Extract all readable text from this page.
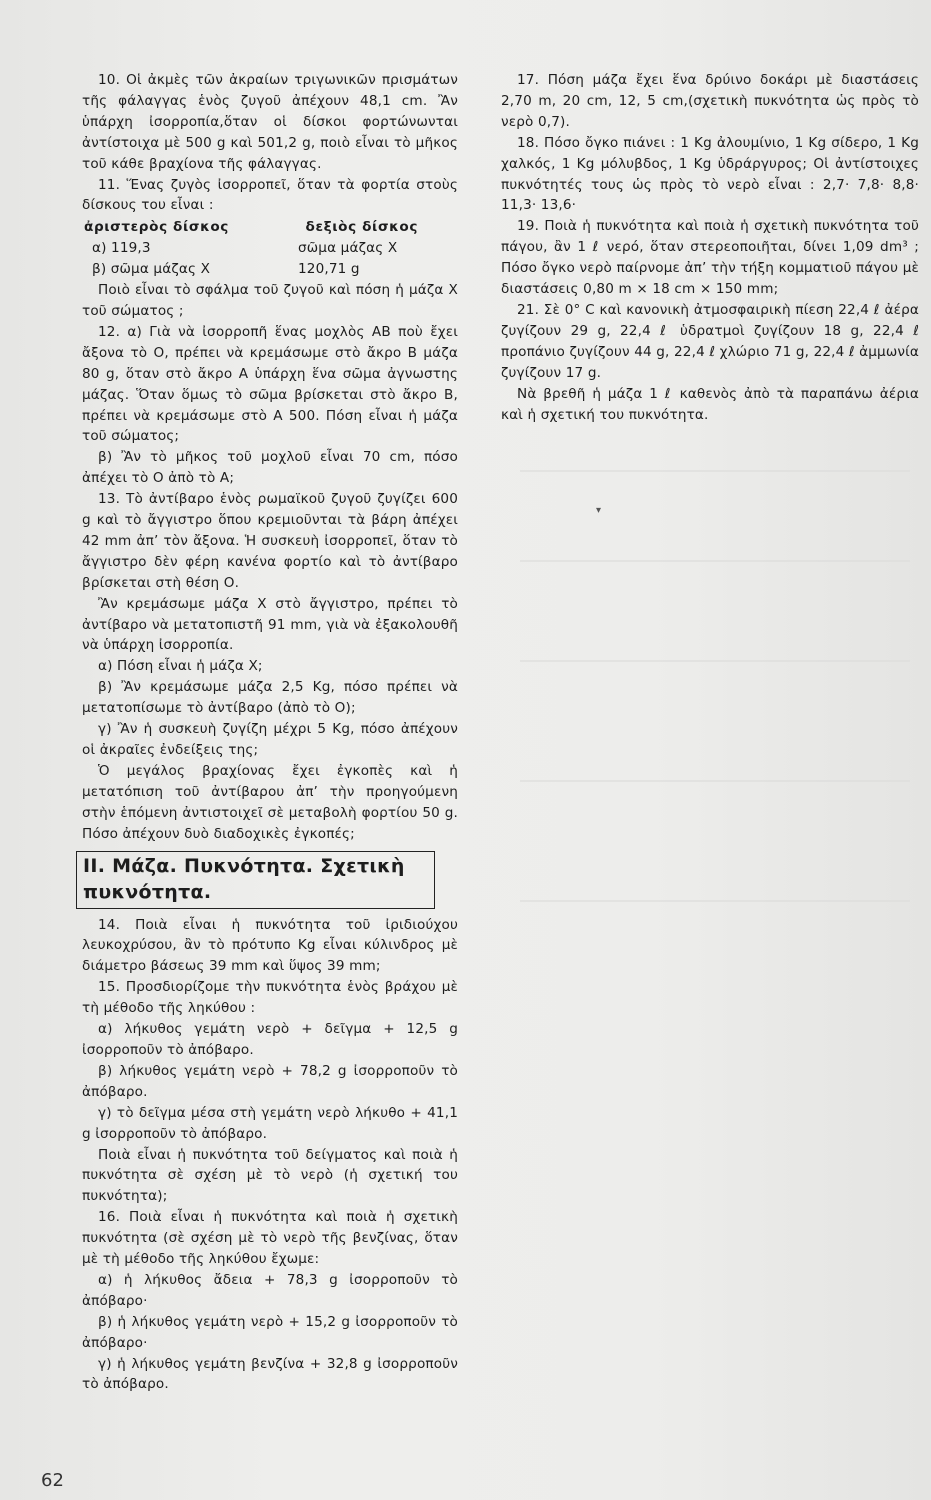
10. Οἱ ἀκμὲς τῶν ἀκραίων τριγωνικῶν πρισμάτων τῆς φάλαγγας ἑνὸς ζυγοῦ ἀπέχουν 48,1 cm. Ἂν ὑπάρχη ἰσορροπία,ὅταν οἱ δίσκοι φορτώνωνται ἀντίστοιχα μὲ 500 g καὶ 501,2 g, ποιὸ εἶναι τὸ μῆκος τοῦ κάθε βραχίονα τῆς φάλαγγας.

11. Ἕνας ζυγὸς ἰσορροπεῖ, ὅταν τὰ φορτία στοὺς δίσκους του εἶναι :

ἀριστερὸς δίσκος	δεξιὸς δίσκος
α) 119,3	σῶμα μάζας X
β) σῶμα μάζας X	120,71 g

Ποιὸ εἶναι τὸ σφάλμα τοῦ ζυγοῦ καὶ πόση ἡ μάζα X τοῦ σώματος ;

12. α) Γιὰ νὰ ἰσορροπῆ ἕνας μοχλὸς ΑΒ ποὺ ἔχει ἄξονα τὸ Ο, πρέπει νὰ κρεμάσωμε στὸ ἄκρο Β μάζα 80 g, ὅταν στὸ ἄκρο Α ὑπάρχη ἕνα σῶμα ἀγνωστης μάζας. Ὅταν ὅμως τὸ σῶμα βρίσκεται στὸ ἄκρο Β, πρέπει νὰ κρεμάσωμε στὸ Α 500. Πόση εἶναι ἡ μάζα τοῦ σώματος;

β) Ἂν τὸ μῆκος τοῦ μοχλοῦ εἶναι 70 cm, πόσο ἀπέχει τὸ Ο ἀπὸ τὸ Α;

13. Τὸ ἀντίβαρο ἑνὸς ρωμαϊκοῦ ζυγοῦ ζυγίζει 600 g καὶ τὸ ἄγγιστρο ὅπου κρεμιοῦνται τὰ βάρη ἀπέχει 42 mm ἀπ’ τὸν ἄξονα. Ἡ συσκευὴ ἰσορροπεῖ, ὅταν τὸ ἄγγιστρο δὲν φέρη κανένα φορτίο καὶ τὸ ἀντίβαρο βρίσκεται στὴ θέση Ο.

Ἂν κρεμάσωμε μάζα X στὸ ἄγγιστρο, πρέπει τὸ ἀντίβαρο νὰ μετατοπιστῆ 91 mm, γιὰ νὰ ἐξακολουθῆ νὰ ὑπάρχη ἰσορροπία.

α) Πόση εἶναι ἡ μάζα X;

β) Ἂν κρεμάσωμε μάζα 2,5 Kg, πόσο πρέπει νὰ μετατοπίσωμε τὸ ἀντίβαρο (ἀπὸ τὸ Ο);

γ) Ἂν ἡ συσκευὴ ζυγίζη μέχρι 5 Kg, πόσο ἀπέχουν οἱ ἀκραῖες ἐνδείξεις της;

Ὁ μεγάλος βραχίονας ἔχει ἐγκοπὲς καὶ ἡ μετατόπιση τοῦ ἀντίβαρου ἀπ’ τὴν προηγούμενη στὴν ἑπόμενη ἀντιστοιχεῖ σὲ μεταβολὴ φορτίου 50 g. Πόσο ἀπέχουν δυὸ διαδοχικὲς ἐγκοπές;

II. Μάζα. Πυκνότητα. Σχετικὴ πυκνότητα.

14. Ποιὰ εἶναι ἡ πυκνότητα τοῦ ἰριδιούχου λευκοχρύσου, ἂν τὸ πρότυπο Kg εἶναι κύλινδρος μὲ διάμετρο βάσεως 39 mm καὶ ὕψος 39 mm;

15. Προσδιορίζομε τὴν πυκνότητα ἑνὸς βράχου μὲ τὴ μέθοδο τῆς ληκύθου :

α) λήκυθος γεμάτη νερὸ + δεῖγμα + 12,5 g ἰσορροποῦν τὸ ἀπόβαρο.

β) λήκυθος γεμάτη νερὸ + 78,2 g ἰσορροποῦν τὸ ἀπόβαρο.

γ) τὸ δεῖγμα μέσα στὴ γεμάτη νερὸ λήκυθο + 41,1 g ἰσορροποῦν τὸ ἀπόβαρο.

Ποιὰ εἶναι ἡ πυκνότητα τοῦ δείγματος καὶ ποιὰ ἡ πυκνότητα σὲ σχέση μὲ τὸ νερὸ (ἡ σχετική του πυκνότητα);

16. Ποιὰ εἶναι ἡ πυκνότητα καὶ ποιὰ ἡ σχετικὴ πυκνότητα (σὲ σχέση μὲ τὸ νερὸ τῆς βενζίνας, ὅταν μὲ τὴ μέθοδο τῆς ληκύθου ἔχωμε:

α) ἡ λήκυθος ἄδεια + 78,3 g ἰσορροποῦν τὸ ἀπόβαρο·

β) ἡ λήκυθος γεμάτη νερὸ + 15,2 g ἰσορροποῦν τὸ ἀπόβαρο·

γ) ἡ λήκυθος γεμάτη βενζίνα + 32,8 g ἰσορροποῦν τὸ ἀπόβαρο.

17. Πόση μάζα ἔχει ἕνα δρύινο δοκάρι μὲ διαστάσεις 2,70 m, 20 cm, 12, 5 cm,(σχετικὴ πυκνότητα ὡς πρὸς τὸ νερὸ 0,7).

18. Πόσο ὄγκο πιάνει : 1 Kg ἀλουμίνιο, 1 Kg σίδερο, 1 Kg χαλκός, 1 Kg μόλυβδος, 1 Kg ὑδράργυρος; Οἱ ἀντίστοιχες πυκνότητές τους ὡς πρὸς τὸ νερὸ εἶναι : 2,7· 7,8· 8,8· 11,3· 13,6·

19. Ποιὰ ἡ πυκνότητα καὶ ποιὰ ἡ σχετικὴ πυκνότητα τοῦ πάγου, ἂν 1 ℓ νερό, ὅταν στερεοποιῆται, δίνει 1,09 dm³ ; Πόσο ὄγκο νερὸ παίρνομε ἀπ’ τὴν τήξη κομματιοῦ πάγου μὲ διαστάσεις 0,80 m × 18 cm × 150 mm;

21. Σὲ 0° C καὶ κανονικὴ ἀτμοσφαιρικὴ πίεση 22,4 ℓ ἀέρα ζυγίζουν 29 g, 22,4 ℓ ὑδρατμοὶ ζυγίζουν 18 g, 22,4 ℓ προπάνιο ζυγίζουν 44 g, 22,4 ℓ χλώριο 71 g, 22,4 ℓ ἀμμωνία ζυγίζουν 17 g.

Νὰ βρεθῆ ἡ μάζα 1 ℓ καθενὸς ἀπὸ τὰ παραπάνω ἀέρια καὶ ἡ σχετική του πυκνότητα.

▾
62
